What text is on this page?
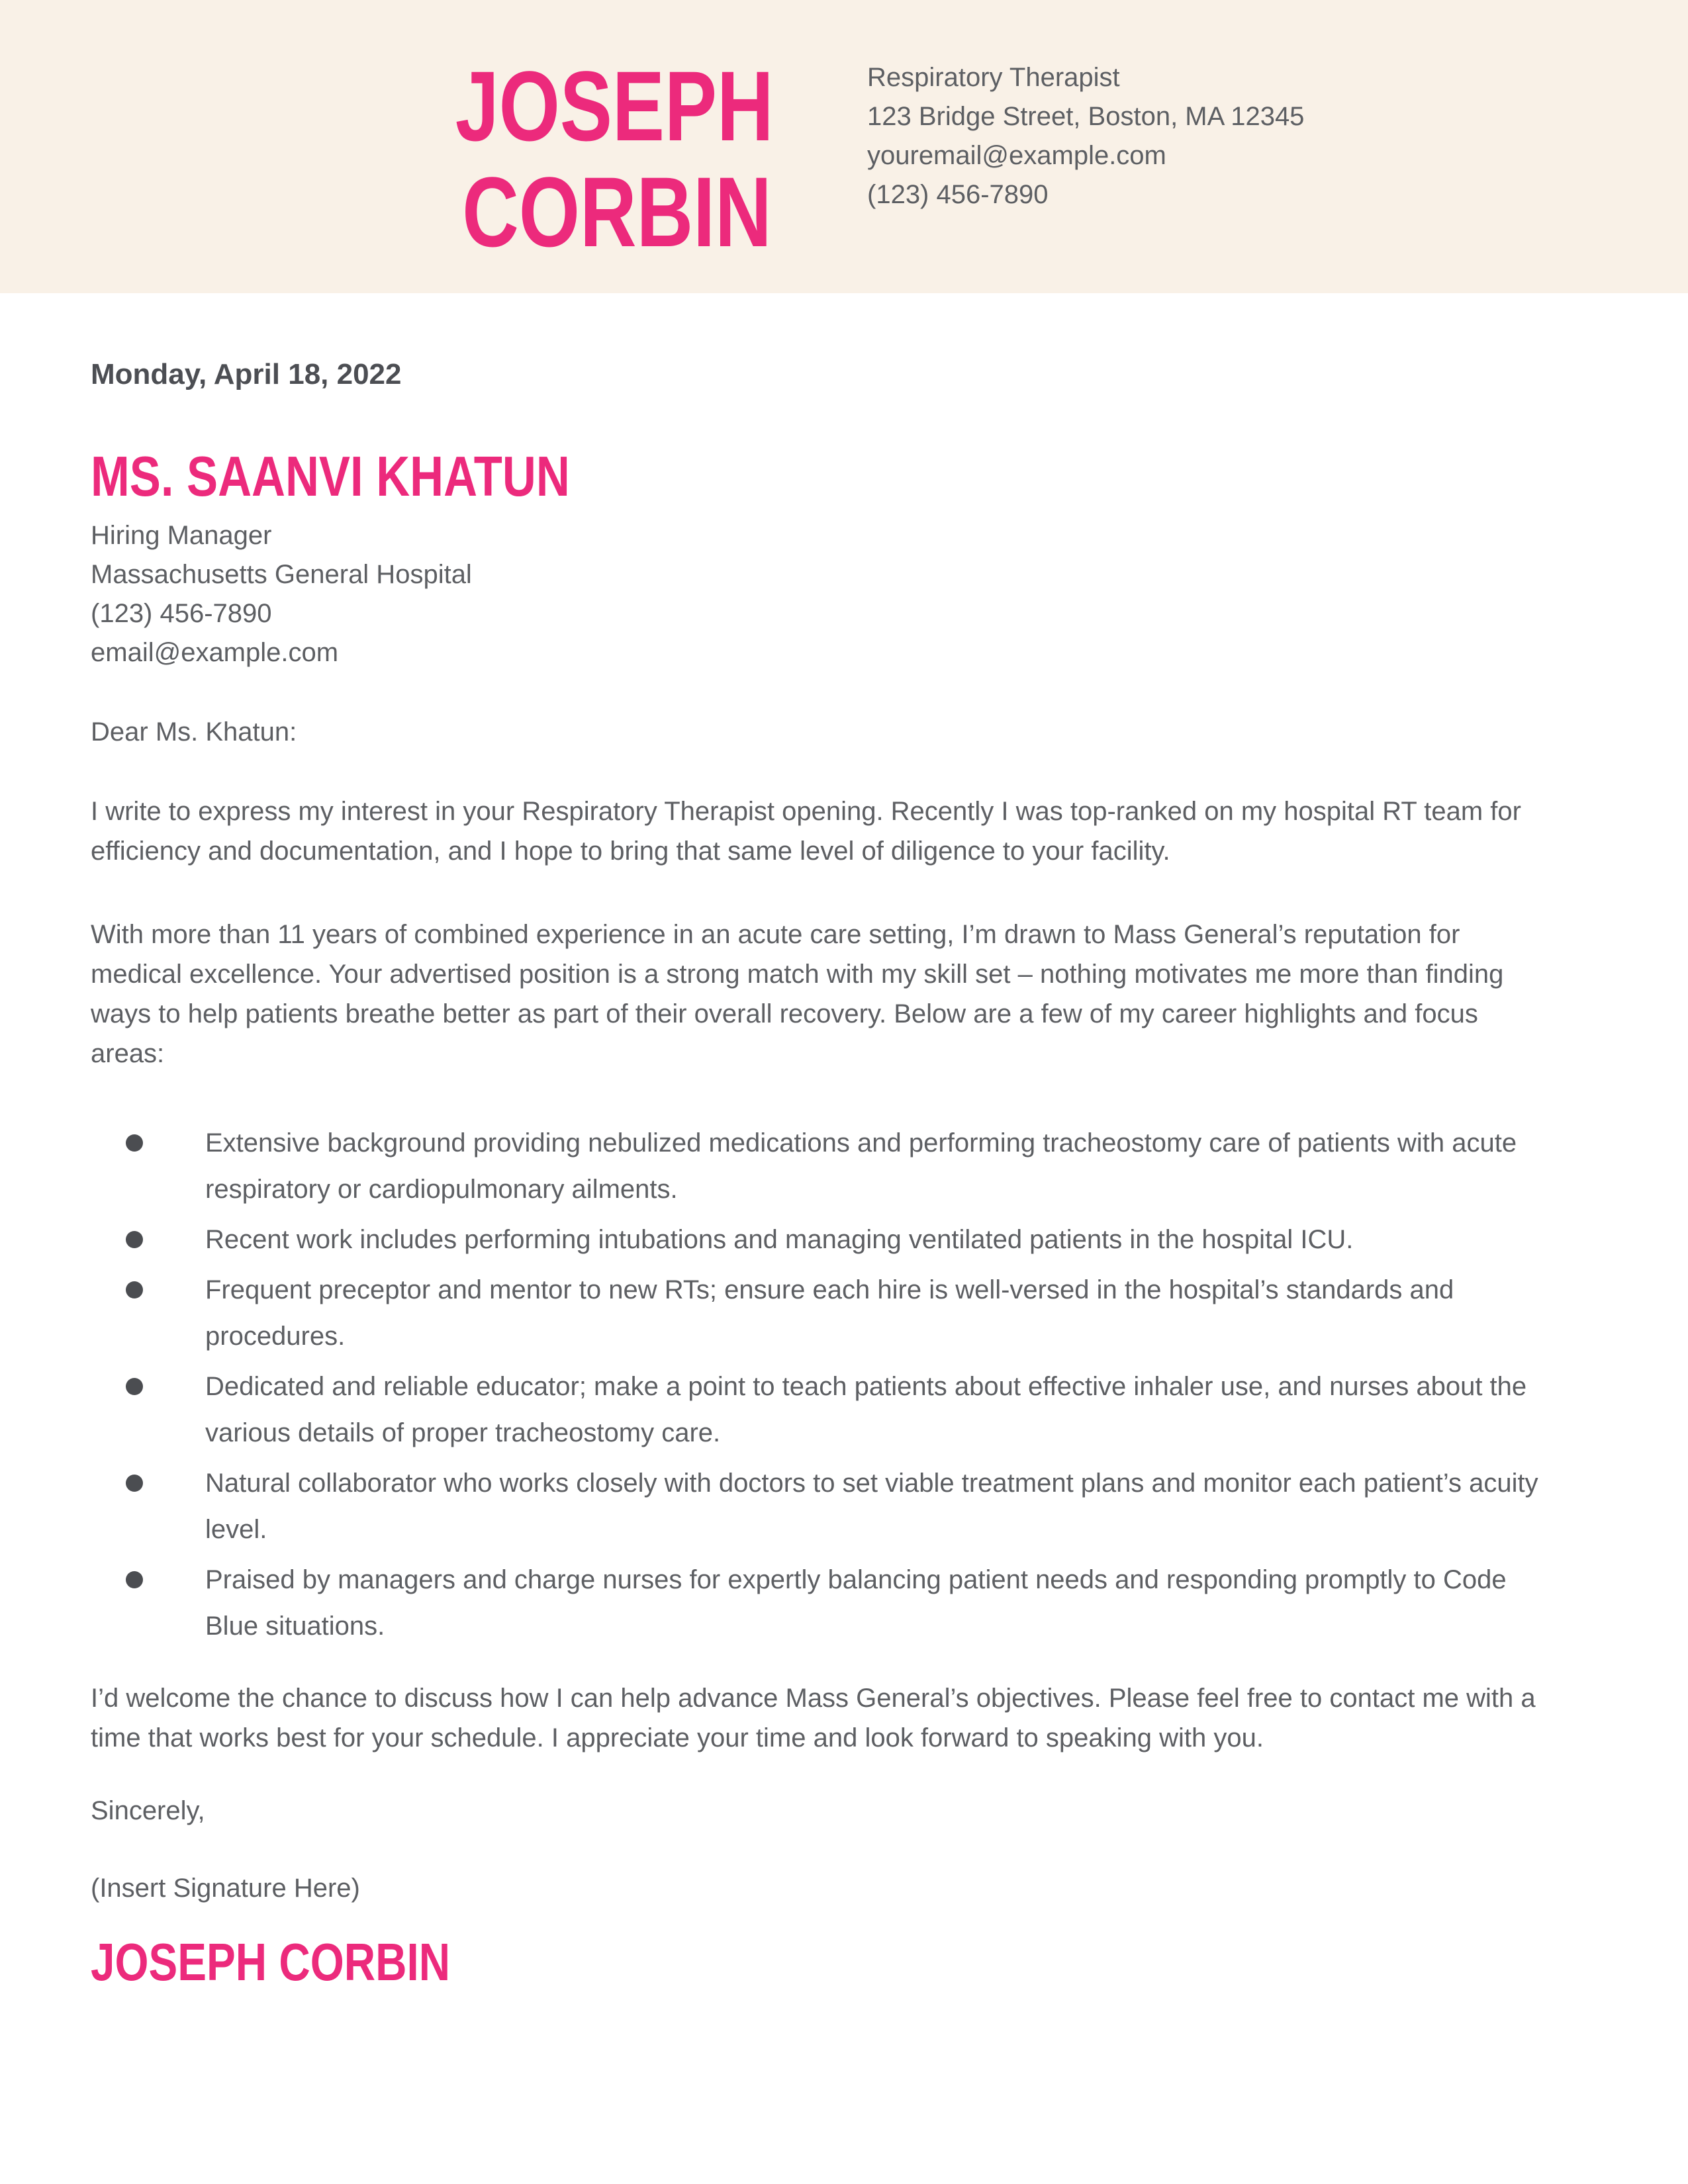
JOSEPH
CORBIN
Respiratory Therapist
123 Bridge Street, Boston, MA 12345
youremail@example.com
(123) 456-7890
Monday, April 18, 2022
MS. SAANVI KHATUN
Hiring Manager
Massachusetts General Hospital
(123) 456-7890
email@example.com

Dear Ms. Khatun:

I write to express my interest in your Respiratory Therapist opening. Recently I was top-ranked on my hospital RT team for efficiency and documentation, and I hope to bring that same level of diligence to your facility.

With more than 11 years of combined experience in an acute care setting, I’m drawn to Mass General’s reputation for medical excellence. Your advertised position is a strong match with my skill set – nothing motivates me more than finding ways to help patients breathe better as part of their overall recovery. Below are a few of my career highlights and focus areas:

Extensive background providing nebulized medications and performing tracheostomy care of patients with acute respiratory or cardiopulmonary ailments.
Recent work includes performing intubations and managing ventilated patients in the hospital ICU.
Frequent preceptor and mentor to new RTs; ensure each hire is well-versed in the hospital’s standards and procedures.
Dedicated and reliable educator; make a point to teach patients about effective inhaler use, and nurses about the various details of proper tracheostomy care.
Natural collaborator who works closely with doctors to set viable treatment plans and monitor each patient’s acuity level.
Praised by managers and charge nurses for expertly balancing patient needs and responding promptly to Code Blue situations.

I’d welcome the chance to discuss how I can help advance Mass General’s objectives. Please feel free to contact me with a time that works best for your schedule. I appreciate your time and look forward to speaking with you.

Sincerely,

(Insert Signature Here)

JOSEPH CORBIN
